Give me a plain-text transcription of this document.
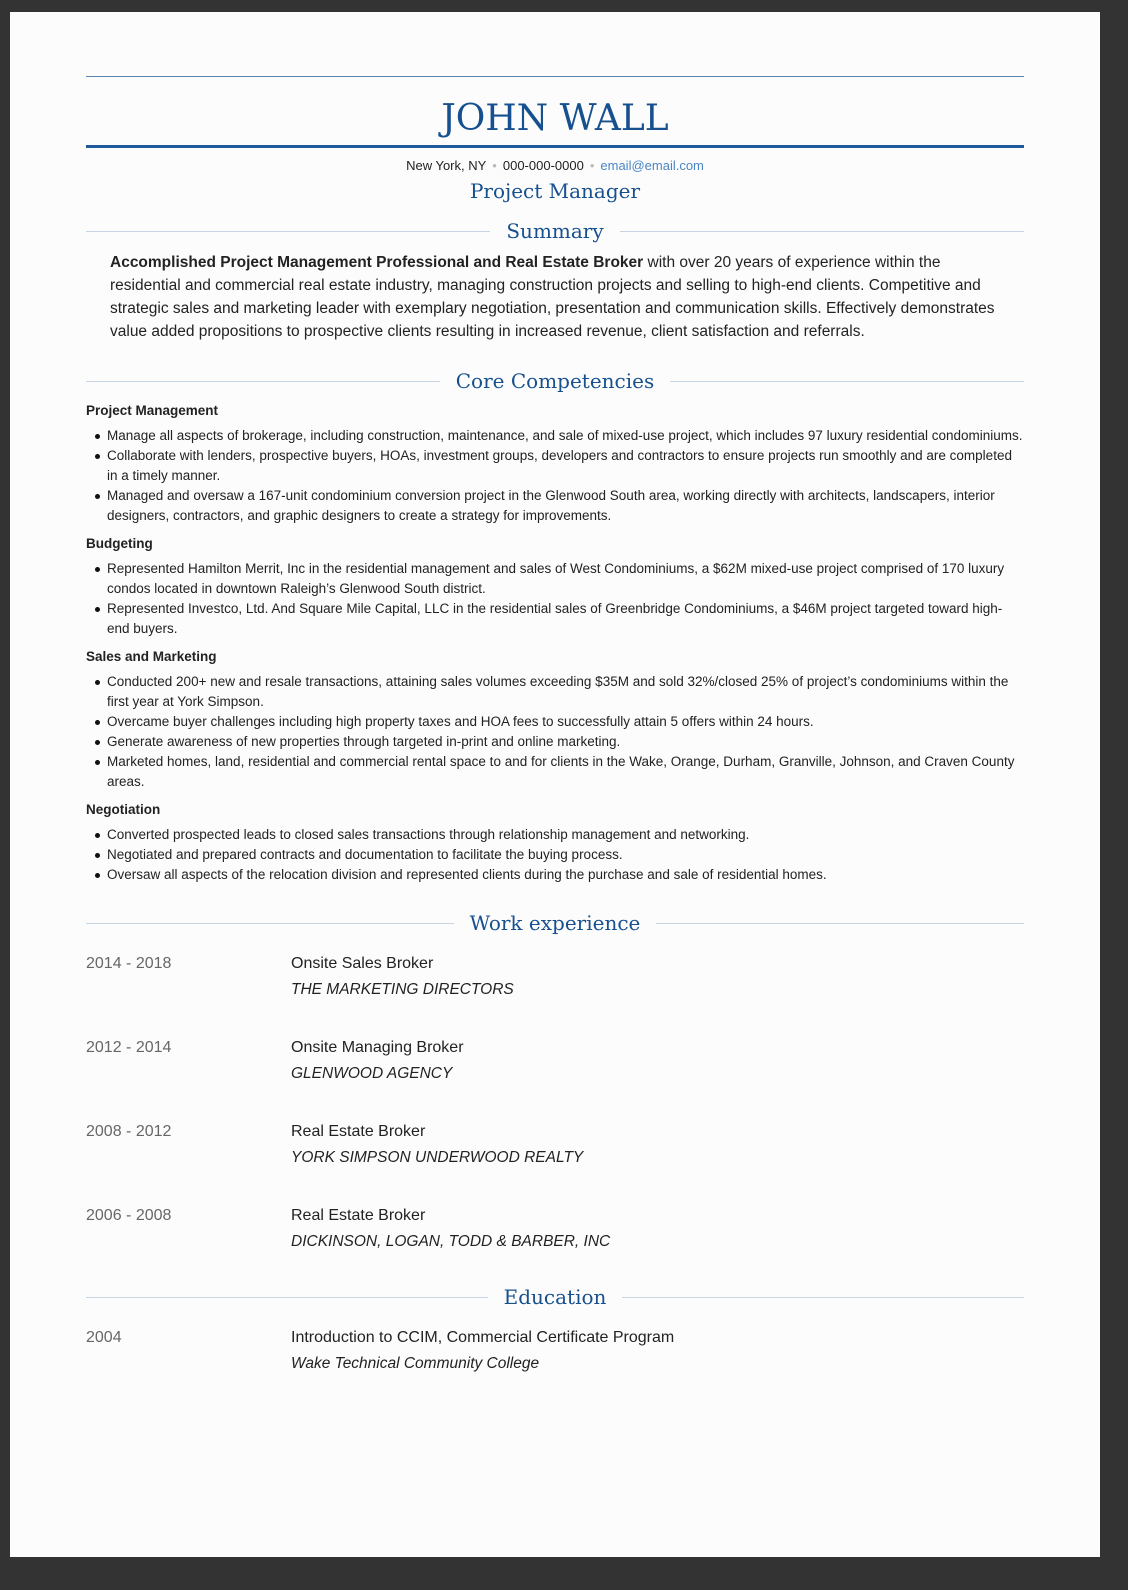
JOHN WALL
New York, NY • 000-000-0000 • email@email.com
Project Manager
Summary
Accomplished Project Management Professional and Real Estate Broker with over 20 years of experience within the residential and commercial real estate industry, managing construction projects and selling to high-end clients. Competitive and strategic sales and marketing leader with exemplary negotiation, presentation and communication skills. Effectively demonstrates value added propositions to prospective clients resulting in increased revenue, client satisfaction and referrals.
Core Competencies
Project Management
Manage all aspects of brokerage, including construction, maintenance, and sale of mixed-use project, which includes 97 luxury residential condominiums.
Collaborate with lenders, prospective buyers, HOAs, investment groups, developers and contractors to ensure projects run smoothly and are completed in a timely manner.
Managed and oversaw a 167-unit condominium conversion project in the Glenwood South area, working directly with architects, landscapers, interior designers, contractors, and graphic designers to create a strategy for improvements.
Budgeting
Represented Hamilton Merrit, Inc in the residential management and sales of West Condominiums, a $62M mixed-use project comprised of 170 luxury condos located in downtown Raleigh’s Glenwood South district.
Represented Investco, Ltd. And Square Mile Capital, LLC in the residential sales of Greenbridge Condominiums, a $46M project targeted toward high-end buyers.
Sales and Marketing
Conducted 200+ new and resale transactions, attaining sales volumes exceeding $35M and sold 32%/closed 25% of project’s condominiums within the first year at York Simpson.
Overcame buyer challenges including high property taxes and HOA fees to successfully attain 5 offers within 24 hours.
Generate awareness of new properties through targeted in-print and online marketing.
Marketed homes, land, residential and commercial rental space to and for clients in the Wake, Orange, Durham, Granville, Johnson, and Craven County areas.
Negotiation
Converted prospected leads to closed sales transactions through relationship management and networking.
Negotiated and prepared contracts and documentation to facilitate the buying process.
Oversaw all aspects of the relocation division and represented clients during the purchase and sale of residential homes.
Work experience
2014 - 2018	Onsite Sales Broker
THE MARKETING DIRECTORS
2012 - 2014	Onsite Managing Broker
GLENWOOD AGENCY
2008 - 2012	Real Estate Broker
YORK SIMPSON UNDERWOOD REALTY
2006 - 2008	Real Estate Broker
DICKINSON, LOGAN, TODD & BARBER, INC
Education
2004	Introduction to CCIM, Commercial Certificate Program
Wake Technical Community College
